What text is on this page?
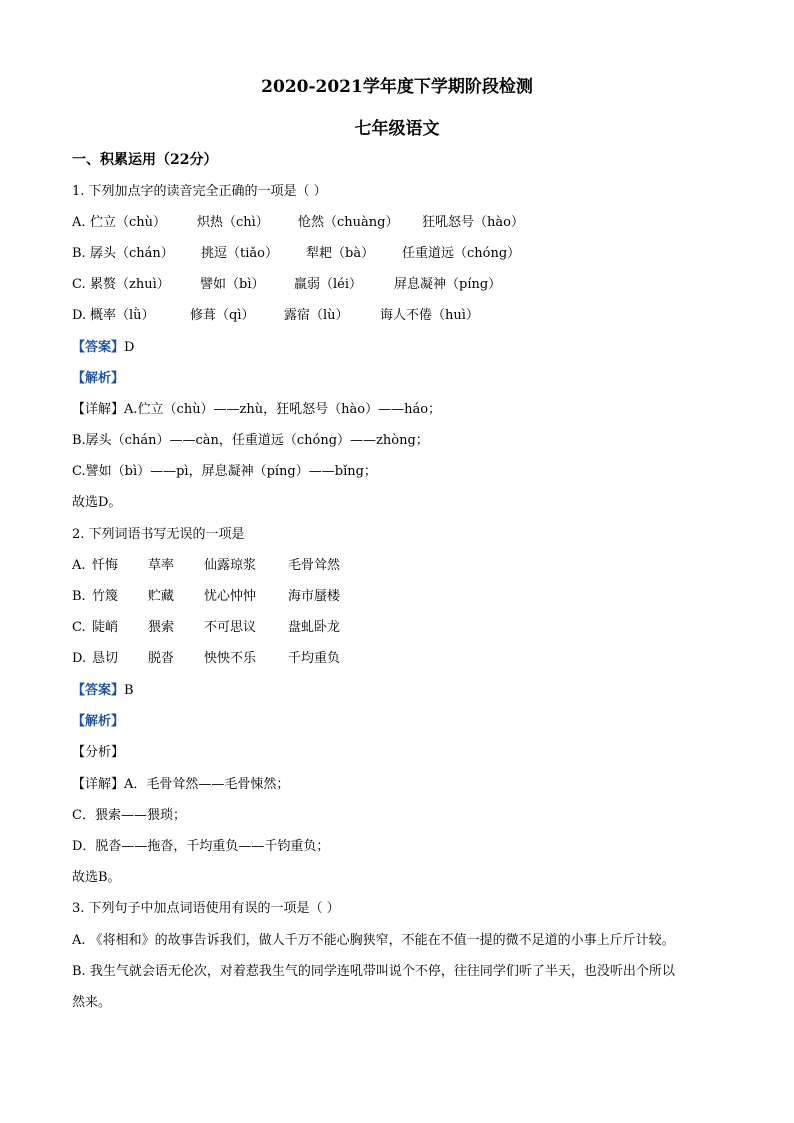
2020-2021学年度下学期阶段检测
七年级语文
一、积累运用（22分）
1. 下列加点字的读音完全正确的一项是（ ）
A. 伫立（chù） 炽热（chì） 怆然（chuàng） 狂吼怒号（hào）
B. 孱头（chán） 挑逗（tiǎo） 犁耙（bà） 任重道远（chóng）
C. 累赘（zhuì） 譬如（bì） 羸弱（léi） 屏息凝神（píng）
D. 概率（lǜ）	修葺（qì） 露宿（lù） 诲人不倦（huì）
【答案】D
【解析】
【详解】A.伫立（chù）——zhù，狂吼怒号（hào）——háo；
B.孱头（chán）——càn，任重道远（chóng）——zhòng；
C.譬如（bì）——pì，屏息凝神（píng）——bǐng；
故选D。
2. 下列词语书写无误的一项是
A. 忏悔 草率 仙露琼浆 毛骨耸然
B. 竹篾 贮藏 忧心忡忡 海市蜃楼
C. 陡峭 猥索 不可思议 盘虬卧龙
D. 恳切 脱沓 怏怏不乐 千均重负
【答案】B
【解析】
【分析】
【详解】A．毛骨耸然——毛骨悚然；
C．猥索——猥琐；
D．脱沓——拖沓，千均重负——千钧重负；
故选B。
3. 下列句子中加点词语使用有误的一项是（ ）
A. 《将相和》的故事告诉我们，做人千万不能心胸狭窄，不能在不值一提的微不足道的小事上斤斤计较。
B. 我生气就会语无伦次，对着惹我生气的同学连吼带叫说个不停，往往同学们听了半天，也没听出个所以
然来。
